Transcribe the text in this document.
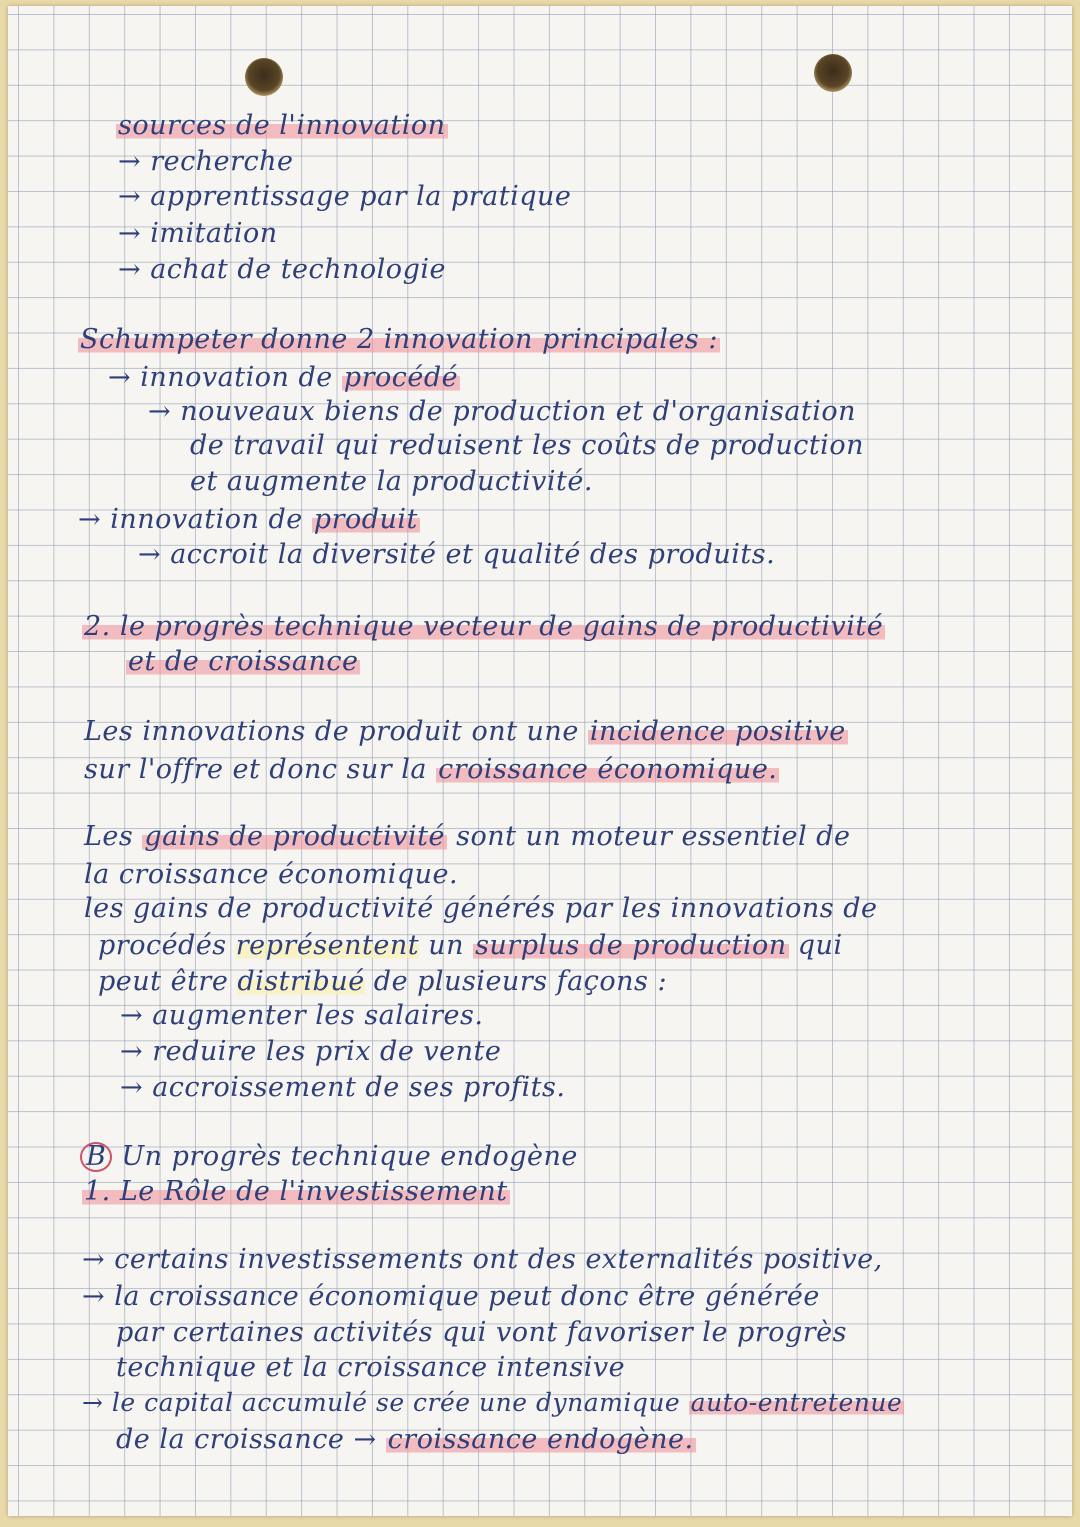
sources de l'innovation
→ recherche
→ apprentissage par la pratique
→ imitation
→ achat de technologie
Schumpeter donne 2 innovation principales :
→ innovation de procédé
→ nouveaux biens de production et d'organisation
de travail qui reduisent les coûts de production
et augmente la productivité.
→ innovation de produit
→ accroit la diversité et qualité des produits.
2. le progrès technique vecteur de gains de productivité
et de croissance
Les innovations de produit ont une incidence positive
sur l'offre et donc sur la croissance économique.
Les gains de productivité sont un moteur essentiel de
la croissance économique.
les gains de productivité générés par les innovations de
procédés représentent un surplus de production qui
peut être distribué de plusieurs façons :
→ augmenter les salaires.
→ reduire les prix de vente
→ accroissement de ses profits.
B Un progrès technique endogène
1. Le Rôle de l'investissement
→ certains investissements ont des externalités positive,
→ la croissance économique peut donc être générée
par certaines activités qui vont favoriser le progrès
technique et la croissance intensive
→ le capital accumulé se crée une dynamique auto-entretenue
de la croissance → croissance endogène.
